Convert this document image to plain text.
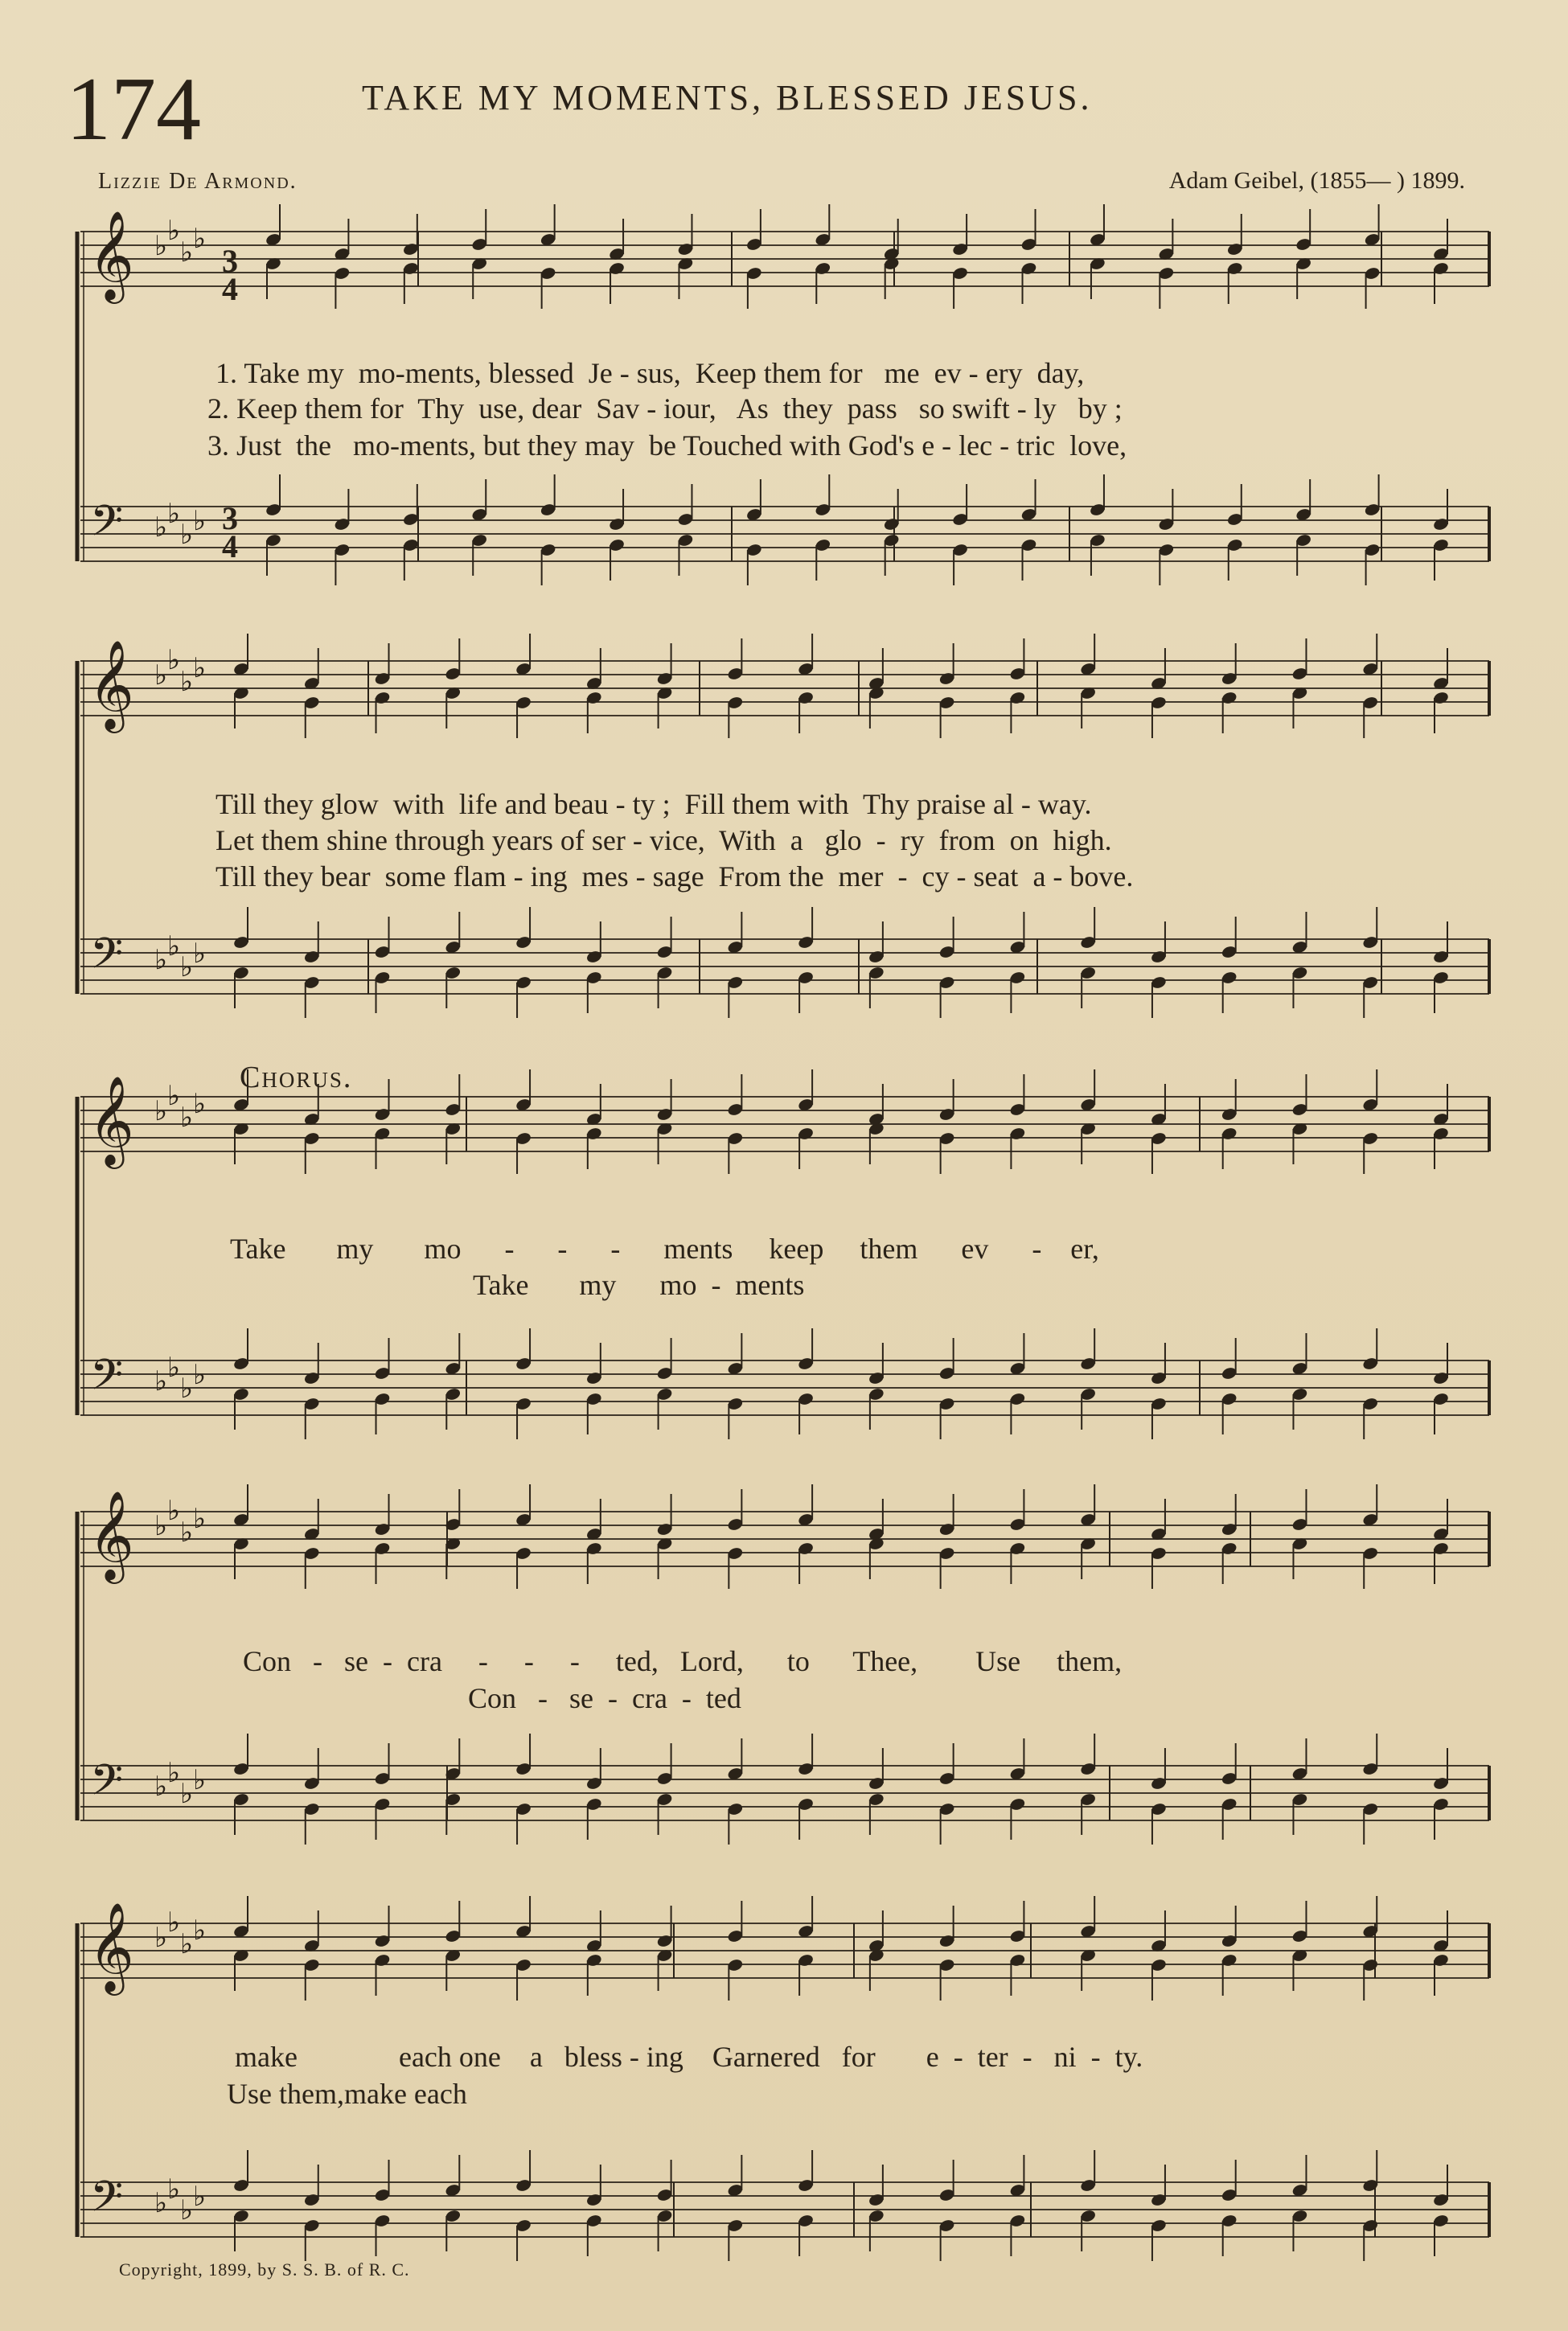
174	TAKE MY MOMENTS, BLESSED JESUS.
Lizzie De Armond.	Adam Geibel, (1855— ) 1899.
3
4
3
4
𝄞
𝄢
♭ ♭
♭ ♭
♭ ♭
♭ ♭
𝄞
𝄢
♭ ♭
♭ ♭
♭ ♭
♭ ♭
𝄞
𝄢
♭ ♭
♭ ♭
♭ ♭
♭ ♭
𝄞
𝄢
♭ ♭
♭ ♭
♭ ♭
♭ ♭
𝄞
𝄢
♭ ♭
♭ ♭
♭ ♭
♭ ♭
1. Take my  mo-ments, blessed  Je - sus,  Keep them for   me  ev - ery  day,
2. Keep them for  Thy  use, dear  Sav - iour,   As  they  pass   so swift - ly   by ;
3. Just  the   mo-ments, but they may  be Touched with God's e - lec - tric  love,
Till they glow  with  life and beau - ty ;  Fill them with  Thy praise al - way.
Let them shine through years of ser - vice,  With  a   glo  -  ry  from  on  high.
Till they bear  some flam - ing  mes - sage  From the  mer  -  cy - seat  a - bove.
Chorus.
Take       my       mo      -      -      -      ments     keep     them      ev      -    er,
Take       my      mo  -  ments
Con   -   se  -  cra     -     -     -     ted,   Lord,      to      Thee,        Use     them,
Con   -   se  -  cra  -  ted
make              each one    a   bless - ing    Garnered   for       e  -  ter  -   ni  -  ty.
Use them,make each
Copyright, 1899, by S. S. B. of R. C.
